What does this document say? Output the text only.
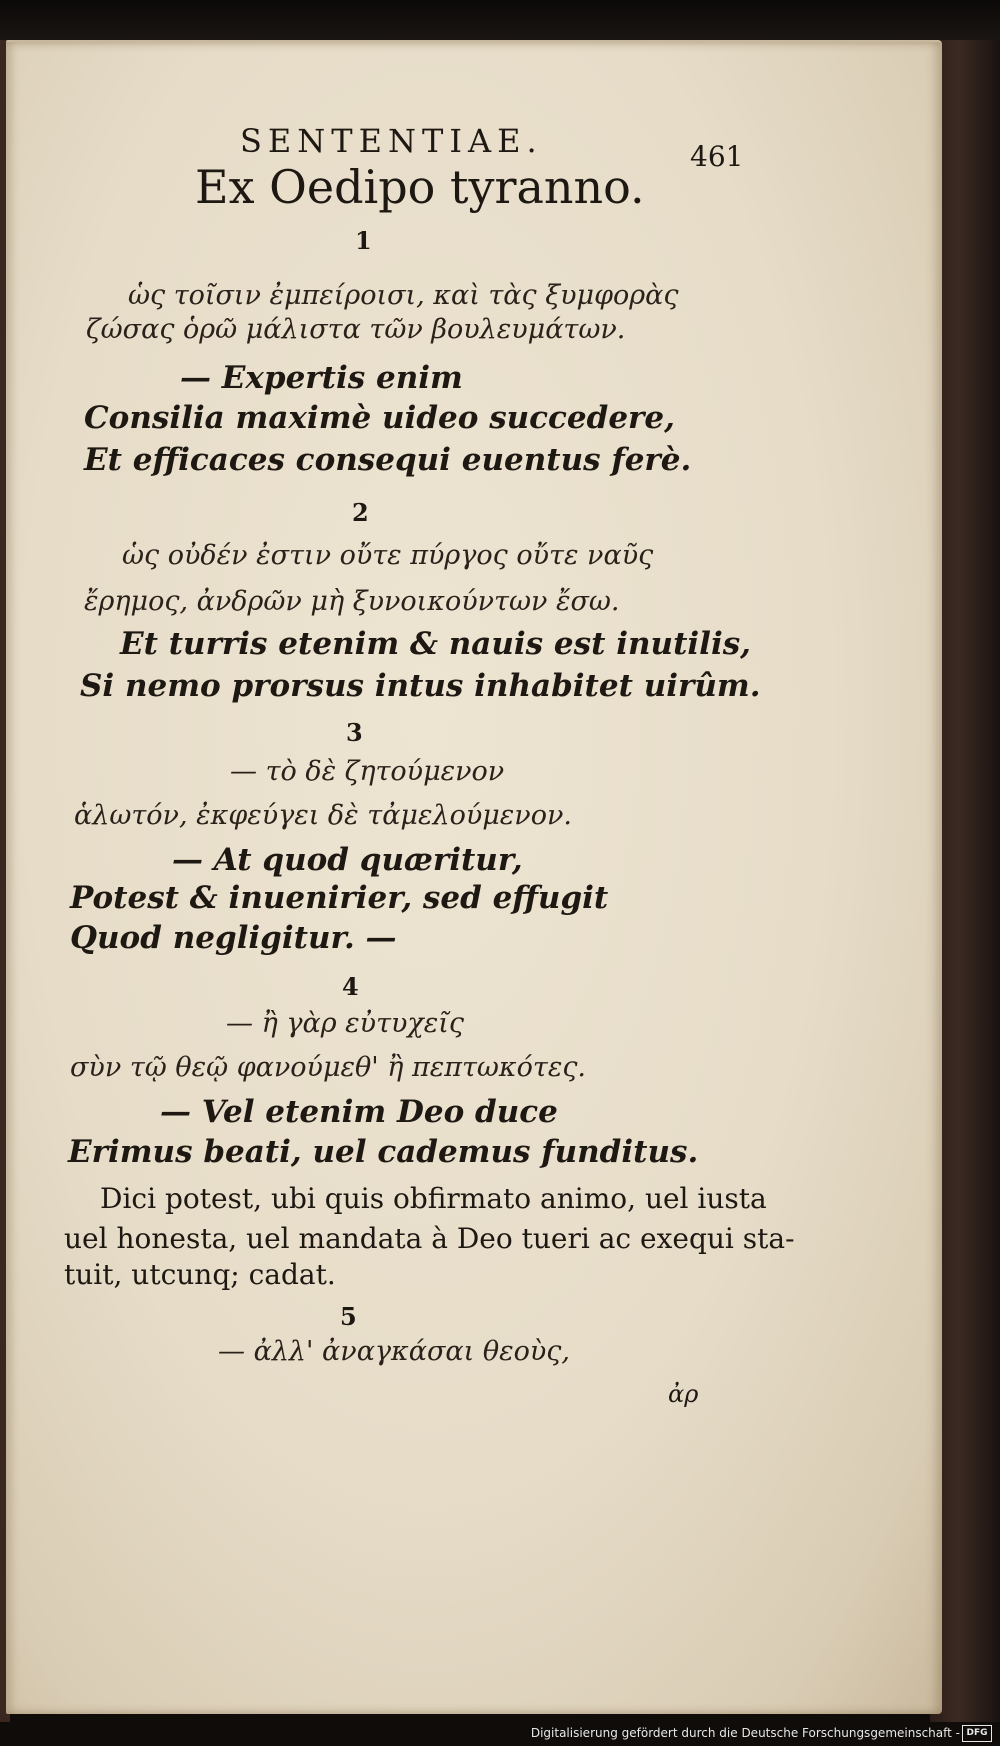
SENTENTIAE.	461
Ex Oedipo tyranno.
1
ὡς τοῖσιν ἐμπείροισι, καὶ τὰς ξυμφορὰς
ζώσας ὁρῶ μάλιστα τῶν βουλευμάτων.
— Expertis enim
Consilia maximè uideo succedere,
Et efficaces consequi euentus ferè.
2
ὡς οὐδέν ἐστιν οὔτε πύργος οὔτε ναῦς
ἔρημος, ἀνδρῶν μὴ ξυνοικούντων ἔσω.
Et turris etenim & nauis est inutilis,
Si nemo prorsus intus inhabitet uirûm.
3
— τὸ δὲ ζητούμενον
ἁλωτόν, ἐκφεύγει δὲ τἀμελούμενον.
— At quod quæritur,
Potest & inuenirier, sed effugit
Quod negligitur. —
4
— ἢ γὰρ εὐτυχεῖς
σὺν τῷ θεῷ φανούμεθ' ἢ πεπτωκότες.
— Vel etenim Deo duce
Erimus beati, uel cademus funditus.
Dici potest, ubi quis obfirmato animo, uel iusta
uel honesta, uel mandata à Deo tueri ac exequi sta-
tuit, utcunq; cadat.
5
— ἀλλ' ἀναγκάσαι θεοὺς,
ἀρ
Digitalisierung gefördert durch die Deutsche Forschungsgemeinschaft - DFG
